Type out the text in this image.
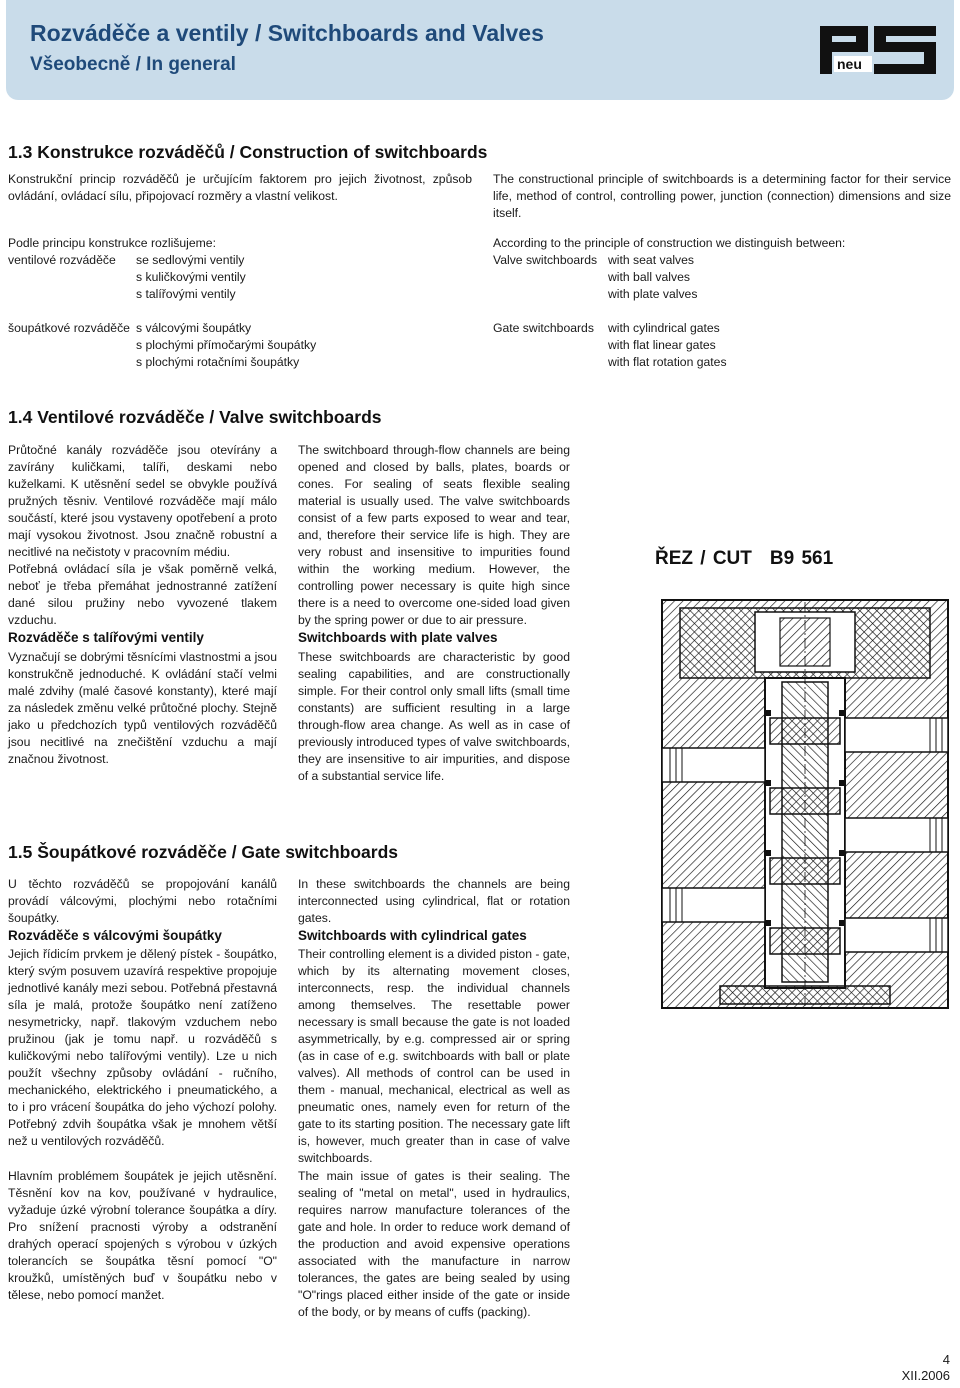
Rozváděče a ventily / Switchboards and Valves
Všeobecně / In general	neu
1.3 Konstrukce rozváděčů / Construction of switchboards

Konstrukční princip rozváděčů je určujícím faktorem pro jejich životnost, způsob ovládání, ovládací sílu, připojovací rozměry a vlastní velikost.

The constructional principle of switchboards is a determining factor for their service life, method of control, controlling power, junction (connection) dimensions and size itself.

Podle principu konstrukce rozlišujeme:
ventilové rozváděče se sedlovými ventily
s kuličkovými ventily
s talířovými ventily
šoupátkové rozváděče s válcovými šoupátky
s plochými přímočarými šoupátky
s plochými rotačními šoupátky
According to the principle of construction we distinguish between:
Valve switchboards with seat valves
with ball valves
with plate valves
Gate switchboards with cylindrical gates
with flat linear gates
with flat rotation gates
1.4 Ventilové rozváděče / Valve switchboards

Průtočné kanály rozváděče jsou otevírány a zavírány kuličkami, talíři, deskami nebo kuželkami. K utěsnění sedel se obvykle používá pružných těsniv. Ventilové rozváděče mají málo součástí, které jsou vystaveny opotřebení a proto mají vysokou životnost. Jsou značně robustní a necitlivé na nečistoty v pracovním médiu.

Potřebná ovládací síla je však poměrně velká, neboť je třeba přemáhat jednostranné zatížení dané silou pružiny nebo vyvozené tlakem vzduchu.

The switchboard through-flow channels are being opened and closed by balls, plates, boards or cones. For sealing of seats flexible sealing material is usually used. The valve switchboards consist of a few parts exposed to wear and tear, and, therefore their service life is high. They are very robust and insensitive to impurities found within the working medium. However, the controlling power necessary is quite high since there is a need to overcome one-sided load given by the spring power or due to air pressure.

Rozváděče s talířovými ventily

Vyznačují se dobrými těsnícími vlastnostmi a jsou konstrukčně jednoduché. K ovládání stačí velmi malé zdvihy (malé časové konstanty), které mají za následek změnu velké průtočné plochy. Stejně jako u předchozích typů ventilových rozváděčů jsou necitlivé na znečištění vzduchu a mají značnou životnost.

Switchboards with plate valves

These switchboards are characteristic by good sealing capabilities, and are constructionally simple. For their control only small lifts (small time constants) are sufficient resulting in a large through-flow area change. As well as in case of previously introduced types of valve switchboards, they are insensitive to air impurities, and dispose of a substantial service life.

ŘEZ / CUT B9 561
1.5 Šoupátkové rozváděče / Gate switchboards

U těchto rozváděčů se propojování kanálů provádí válcovými, plochými nebo rotačními šoupátky.

In these switchboards the channels are being interconnected using cylindrical, flat or rotation gates.

Rozváděče s válcovými šoupátky

Jejich řídicím prvkem je dělený pístek - šoupátko, který svým posuvem uzavírá respektive propojuje jednotlivé kanály mezi sebou. Potřebná přestavná síla je malá, protože šoupátko není zatíženo nesymetricky, např. tlakovým vzduchem nebo pružinou (jak je tomu např. u rozváděčů s kuličkovými nebo talířovými ventily). Lze u nich použít všechny způsoby ovládání - ručního, mechanického, elektrického i pneumatického, a to i pro vrácení šoupátka do jeho výchozí polohy. Potřebný zdvih šoupátka však je mnohem větší než u ventilových rozváděčů.

Switchboards with cylindrical gates

Their controlling element is a divided piston - gate, which by its alternating movement closes, interconnects, resp. the individual channels among themselves. The resettable power necessary is small because the gate is not loaded asymmetrically, by e.g. compressed air or spring (as in case of e.g. switchboards with ball or plate valves). All methods of control can be used in them - manual, mechanical, electrical as well as pneumatic ones, namely even for return of the gate to its starting position. The necessary gate lift is, however, much greater than in case of valve switchboards.

Hlavním problémem šoupátek je jejich utěsnění. Těsnění kov na kov, používané v hydraulice, vyžaduje úzké výrobní tolerance šoupátka a díry. Pro snížení pracnosti výroby a odstranění drahých operací spojených s výrobou v úzkých tolerancích se šoupátka těsní pomocí "O" kroužků, umístěných buď v šoupátku nebo v tělese, nebo pomocí manžet.

The main issue of gates is their sealing. The sealing of "metal on metal", used in hydraulics, requires narrow manufacture tolerances of the gate and hole. In order to reduce work demand of the production and avoid expensive operations associated with the manufacture in narrow tolerances, the gates are being sealed by using "O"rings placed either inside of the gate or inside of the body, or by means of cuffs (packing).

4
XII.2006
